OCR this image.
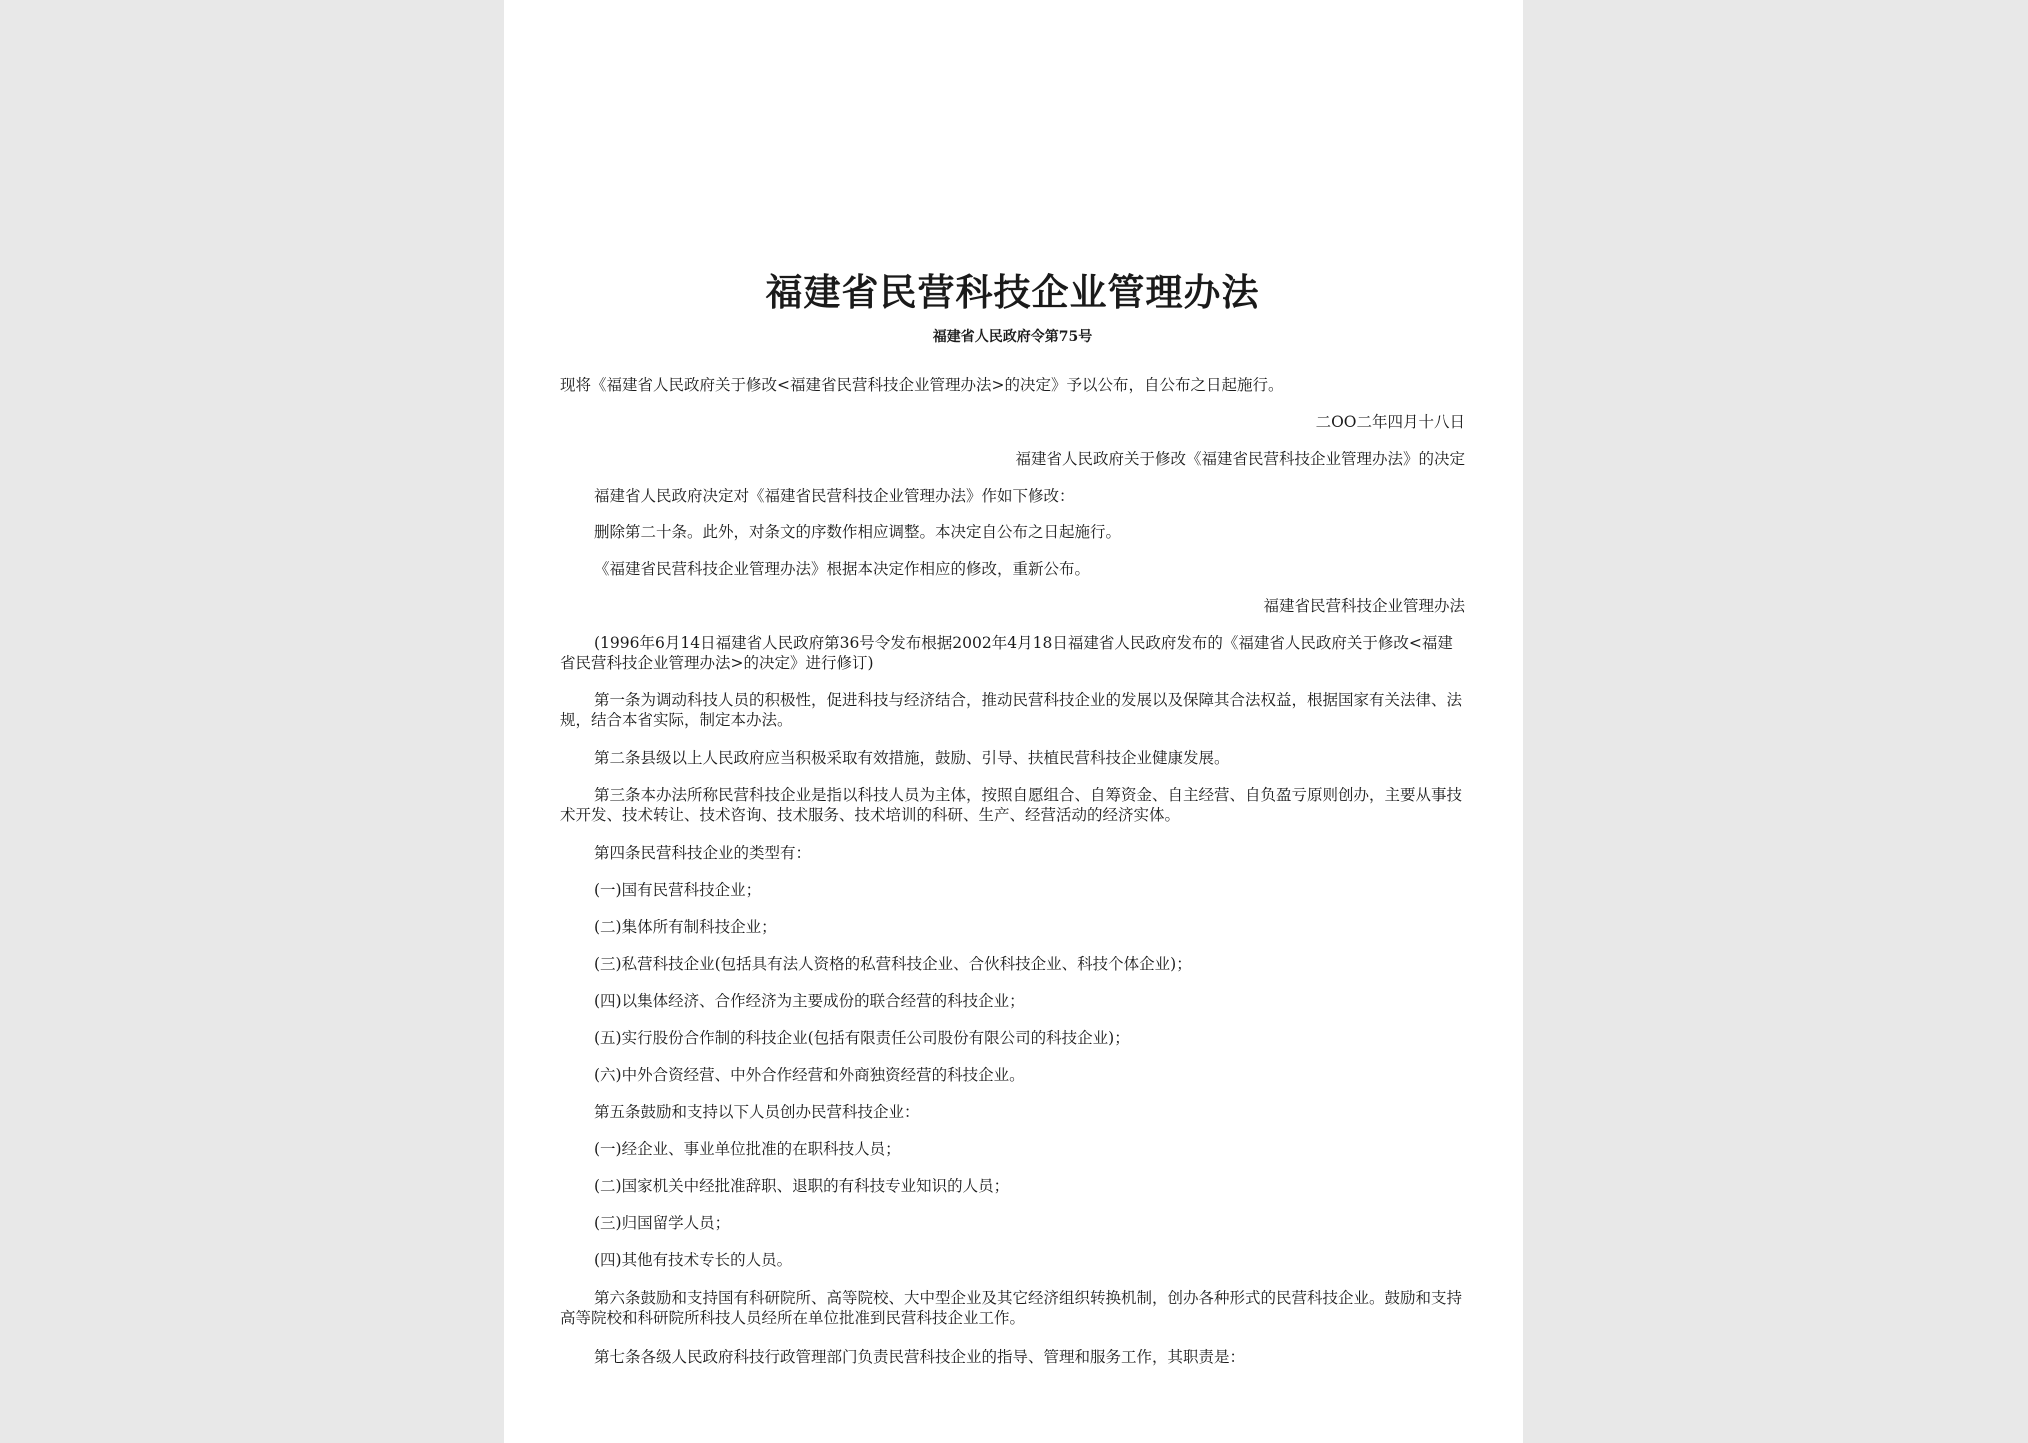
福建省民营科技企业管理办法
福建省人民政府令第75号
现将《福建省人民政府关于修改<福建省民营科技企业管理办法>的决定》予以公布，自公布之日起施行。
二OO二年四月十八日
福建省人民政府关于修改《福建省民营科技企业管理办法》的决定
福建省人民政府决定对《福建省民营科技企业管理办法》作如下修改：
删除第二十条。此外，对条文的序数作相应调整。本决定自公布之日起施行。
《福建省民营科技企业管理办法》根据本决定作相应的修改，重新公布。
福建省民营科技企业管理办法
(1996年6月14日福建省人民政府第36号令发布根据2002年4月18日福建省人民政府发布的《福建省人民政府关于修改<福建省民营科技企业管理办法>的决定》进行修订)
第一条为调动科技人员的积极性，促进科技与经济结合，推动民营科技企业的发展以及保障其合法权益，根据国家有关法律、法规，结合本省实际，制定本办法。
第二条县级以上人民政府应当积极采取有效措施，鼓励、引导、扶植民营科技企业健康发展。
第三条本办法所称民营科技企业是指以科技人员为主体，按照自愿组合、自筹资金、自主经营、自负盈亏原则创办，主要从事技术开发、技术转让、技术咨询、技术服务、技术培训的科研、生产、经营活动的经济实体。
第四条民营科技企业的类型有：
(一)国有民营科技企业；
(二)集体所有制科技企业；
(三)私营科技企业(包括具有法人资格的私营科技企业、合伙科技企业、科技个体企业)；
(四)以集体经济、合作经济为主要成份的联合经营的科技企业；
(五)实行股份合作制的科技企业(包括有限责任公司股份有限公司的科技企业)；
(六)中外合资经营、中外合作经营和外商独资经营的科技企业。
第五条鼓励和支持以下人员创办民营科技企业：
(一)经企业、事业单位批准的在职科技人员；
(二)国家机关中经批准辞职、退职的有科技专业知识的人员；
(三)归国留学人员；
(四)其他有技术专长的人员。
第六条鼓励和支持国有科研院所、高等院校、大中型企业及其它经济组织转换机制，创办各种形式的民营科技企业。鼓励和支持高等院校和科研院所科技人员经所在单位批准到民营科技企业工作。
第七条各级人民政府科技行政管理部门负责民营科技企业的指导、管理和服务工作，其职责是：
